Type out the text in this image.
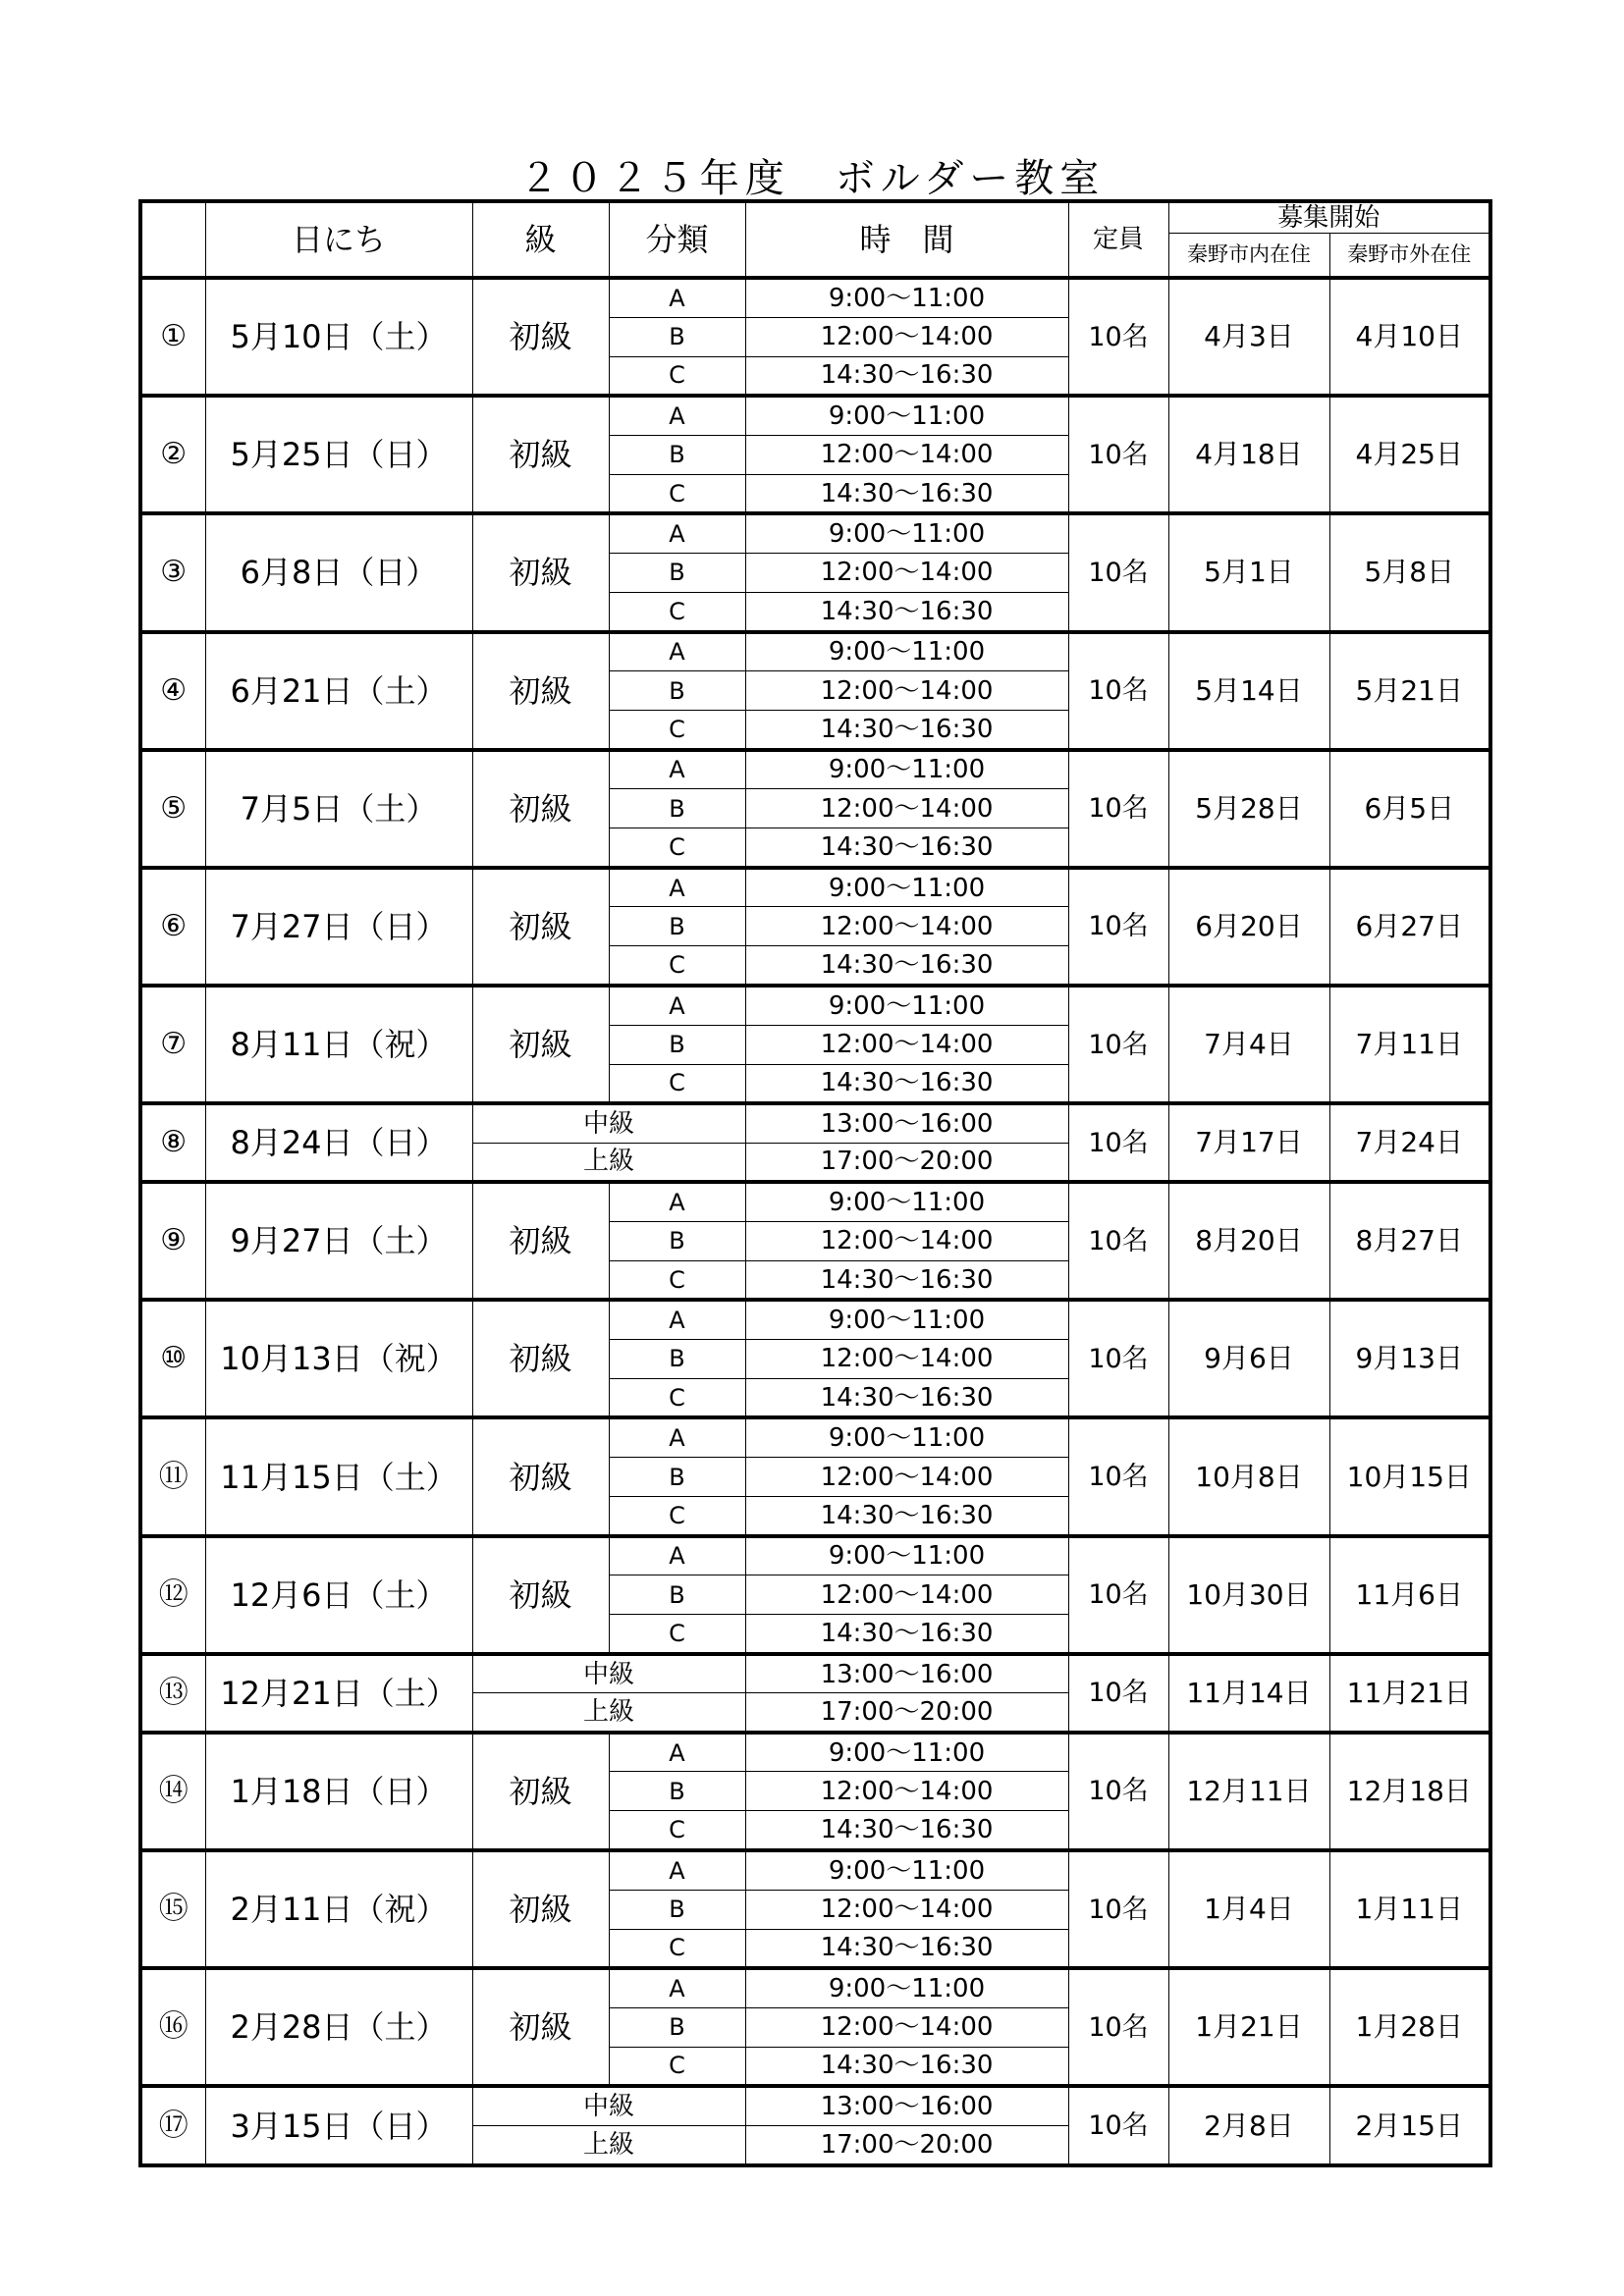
２０２５年度　ボルダー教室
	日にち	級	分類	時　間	定員	募集開始	
						秦野市内在住	秦野市外在住
①	5月10日（土）	初級	A	9:00～11:00	10名	4月3日	4月10日
			B	12:00～14:00			
			C	14:30～16:30			
②	5月25日（日）	初級	A	9:00～11:00	10名	4月18日	4月25日
			B	12:00～14:00			
			C	14:30～16:30			
③	6月8日（日）	初級	A	9:00～11:00	10名	5月1日	5月8日
			B	12:00～14:00			
			C	14:30～16:30			
④	6月21日（土）	初級	A	9:00～11:00	10名	5月14日	5月21日
			B	12:00～14:00			
			C	14:30～16:30			
⑤	7月5日（土）	初級	A	9:00～11:00	10名	5月28日	6月5日
			B	12:00～14:00			
			C	14:30～16:30			
⑥	7月27日（日）	初級	A	9:00～11:00	10名	6月20日	6月27日
			B	12:00～14:00			
			C	14:30～16:30			
⑦	8月11日（祝）	初級	A	9:00～11:00	10名	7月4日	7月11日
			B	12:00～14:00			
			C	14:30～16:30			
⑧	8月24日（日）	中級		13:00～16:00	10名	7月17日	7月24日
		上級		17:00～20:00			
⑨	9月27日（土）	初級	A	9:00～11:00	10名	8月20日	8月27日
			B	12:00～14:00			
			C	14:30～16:30			
⑩	10月13日（祝）	初級	A	9:00～11:00	10名	9月6日	9月13日
			B	12:00～14:00			
			C	14:30～16:30			
⑪	11月15日（土）	初級	A	9:00～11:00	10名	10月8日	10月15日
			B	12:00～14:00			
			C	14:30～16:30			
⑫	12月6日（土）	初級	A	9:00～11:00	10名	10月30日	11月6日
			B	12:00～14:00			
			C	14:30～16:30			
⑬	12月21日（土）	中級		13:00～16:00	10名	11月14日	11月21日
		上級		17:00～20:00			
⑭	1月18日（日）	初級	A	9:00～11:00	10名	12月11日	12月18日
			B	12:00～14:00			
			C	14:30～16:30			
⑮	2月11日（祝）	初級	A	9:00～11:00	10名	1月4日	1月11日
			B	12:00～14:00			
			C	14:30～16:30			
⑯	2月28日（土）	初級	A	9:00～11:00	10名	1月21日	1月28日
			B	12:00～14:00			
			C	14:30～16:30			
⑰	3月15日（日）	中級		13:00～16:00	10名	2月8日	2月15日
		上級		17:00～20:00			
